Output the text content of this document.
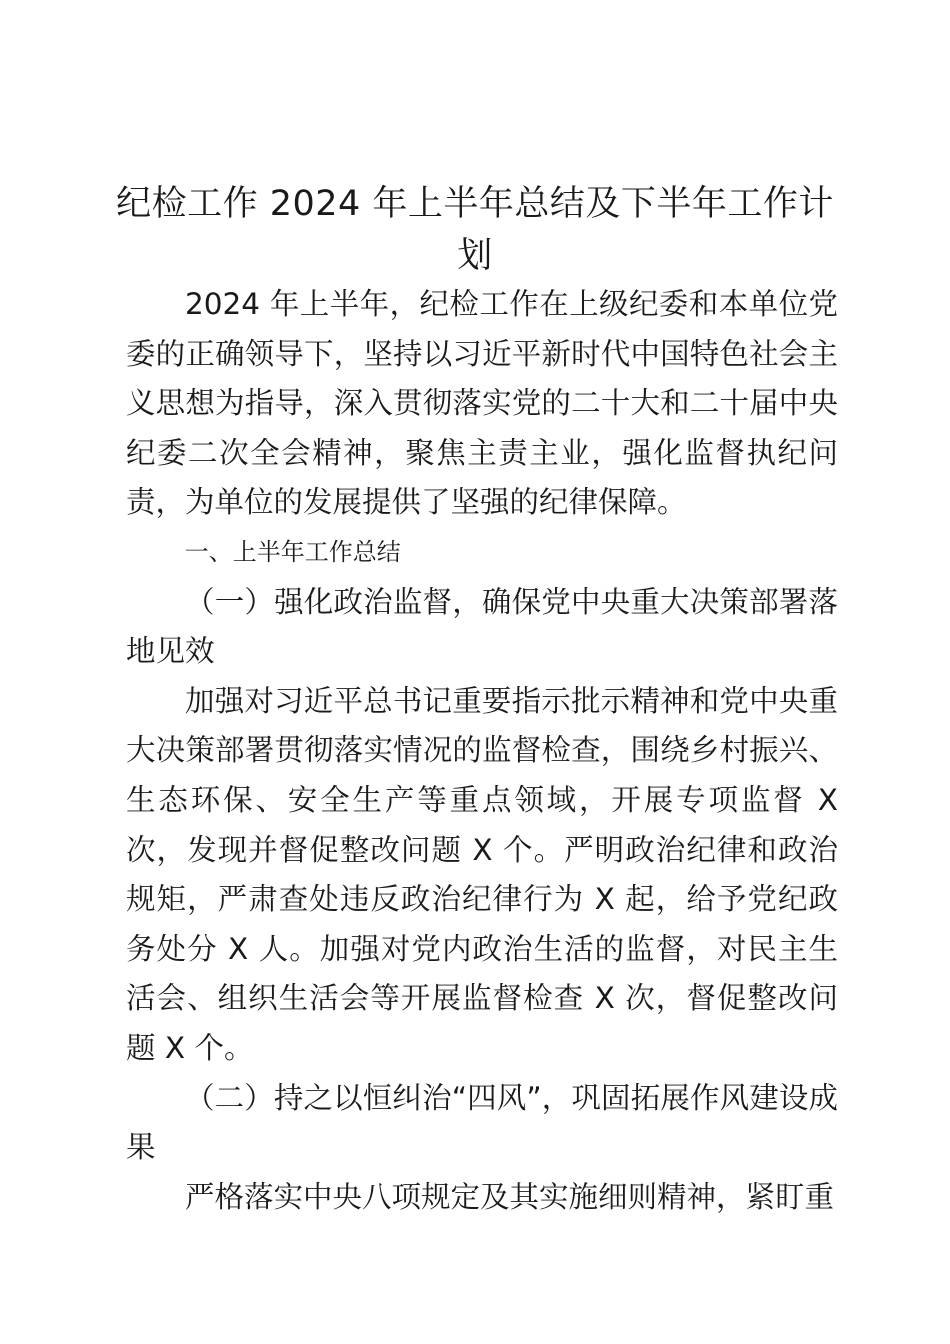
纪检工作 2024 年上半年总结及下半年工作计划

2024 年上半年，纪检工作在上级纪委和本单位党委的正确领导下，坚持以习近平新时代中国特色社会主义思想为指导，深入贯彻落实党的二十大和二十届中央纪委二次全会精神，聚焦主责主业，强化监督执纪问责，为单位的发展提供了坚强的纪律保障。

一、上半年工作总结

（一）强化政治监督，确保党中央重大决策部署落地见效

加强对习近平总书记重要指示批示精神和党中央重大决策部署贯彻落实情况的监督检查，围绕乡村振兴、生态环保、安全生产等重点领域，开展专项监督 X 次，发现并督促整改问题 X 个。严明政治纪律和政治规矩，严肃查处违反政治纪律行为 X 起，给予党纪政务处分 X 人。加强对党内政治生活的监督，对民主生活会、组织生活会等开展监督检查 X 次，督促整改问题 X 个。

（二）持之以恒纠治“四风”，巩固拓展作风建设成果

严格落实中央八项规定及其实施细则精神，紧盯重
